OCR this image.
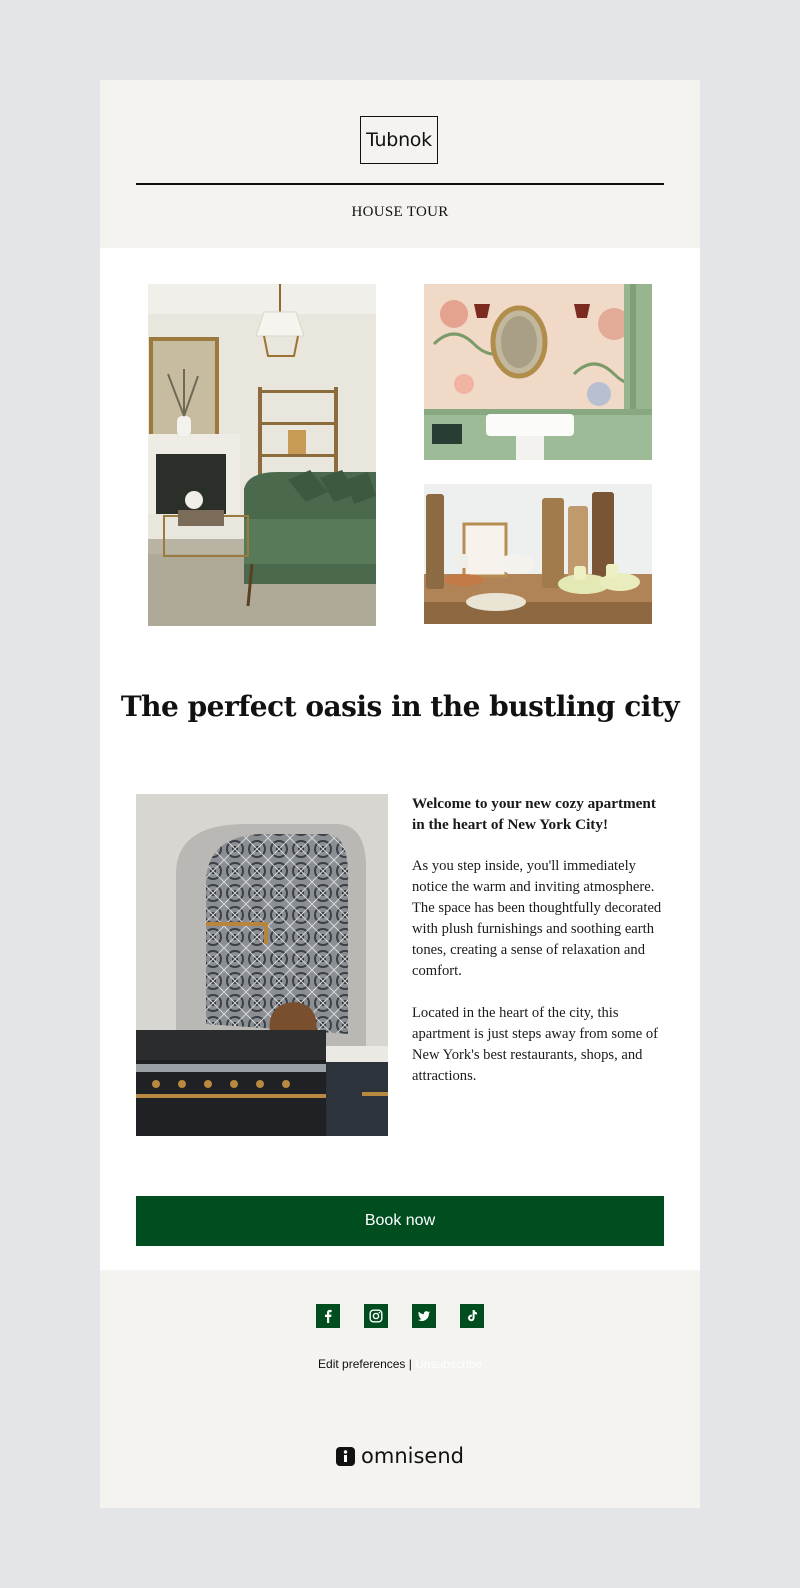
Tubnok
HOUSE TOUR
The perfect oasis in the bustling city

Welcome to your new cozy apartment in the heart of New York City!

As you step inside, you'll immediately notice the warm and inviting atmosphere. The space has been thoughtfully decorated with plush furnishings and soothing earth tones, creating a sense of relaxation and comfort.

Located in the heart of the city, this apartment is just steps away from some of New York's best restaurants, shops, and attractions.

Book now
Edit preferences | Unsubscribe
omnisend
